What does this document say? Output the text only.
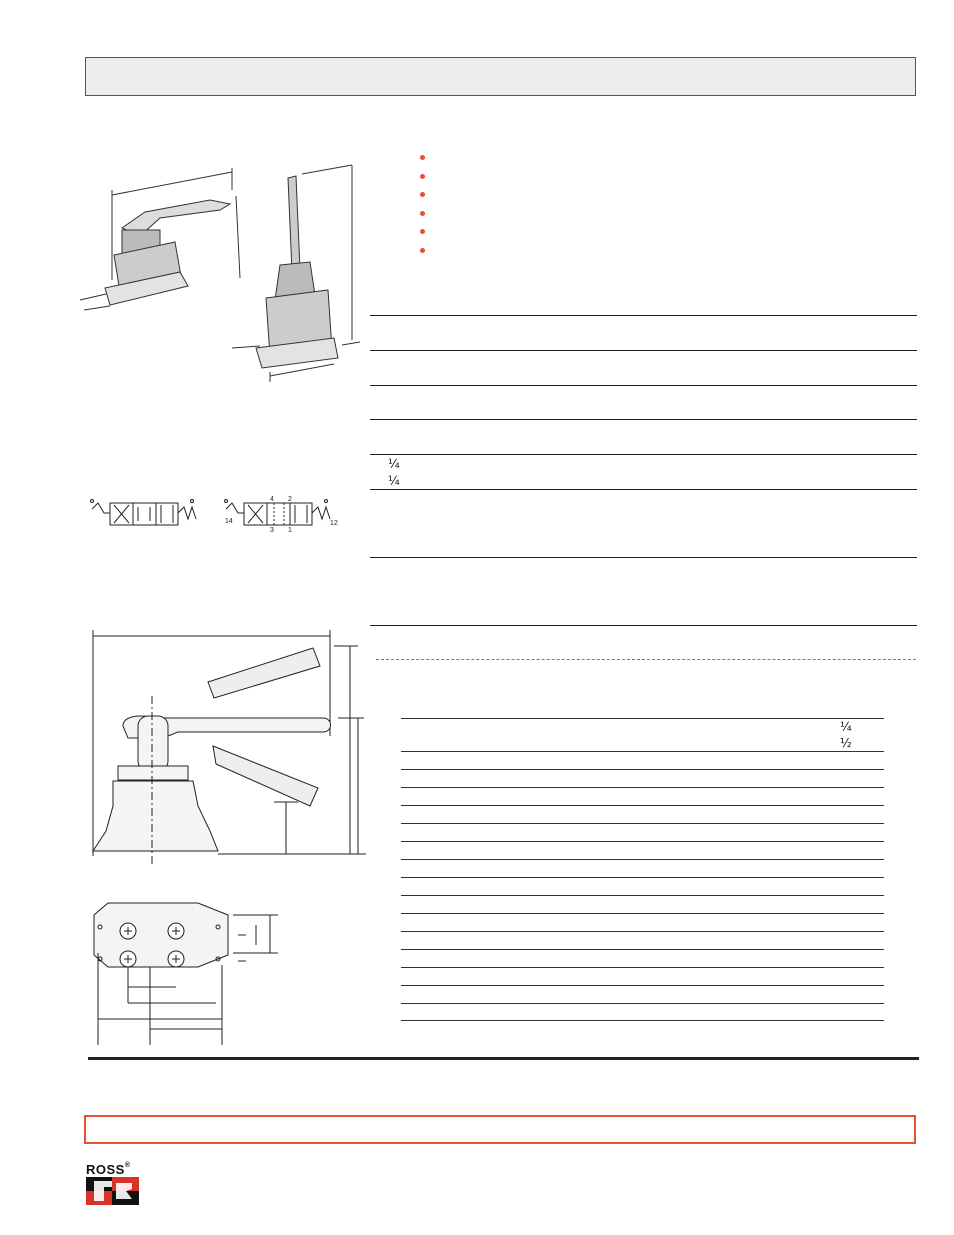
¼
¼
4 2
14	12
3 1
¼
½
ROSS®
